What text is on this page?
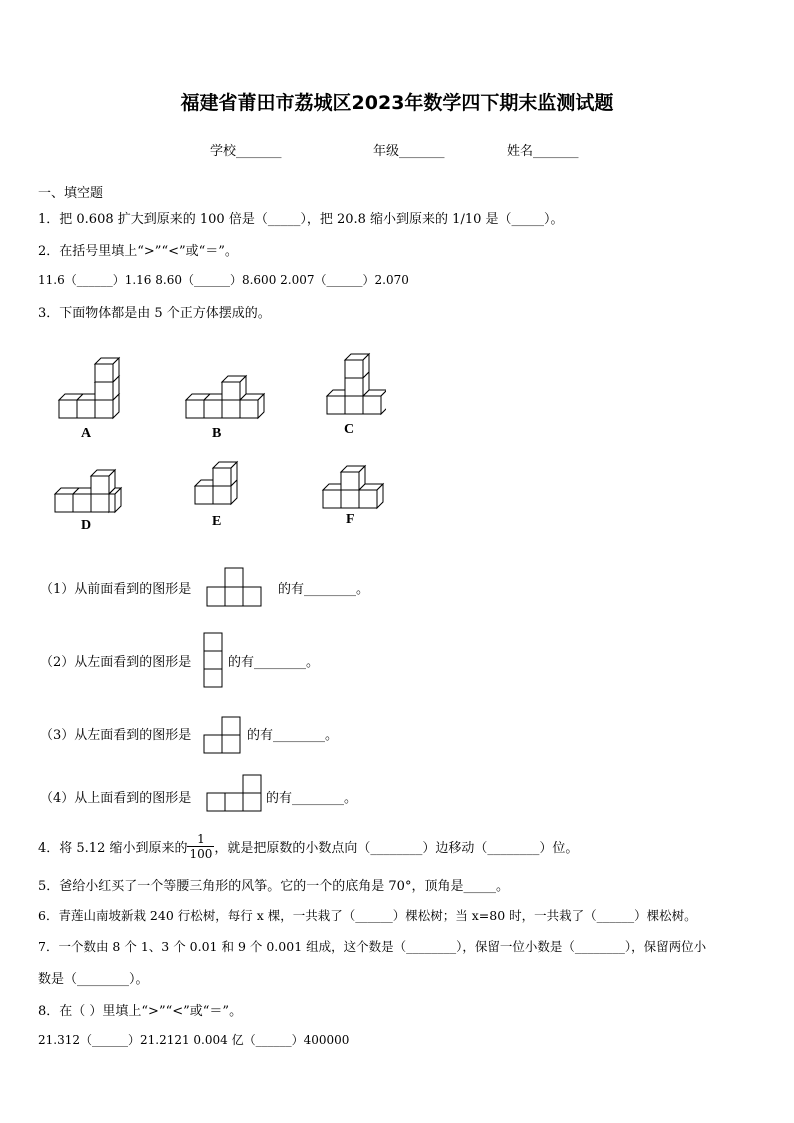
福建省莆田市荔城区2023年数学四下期末监测试题
学校_______	年级_______	姓名_______
一、填空题
1．把 0.608 扩大到原来的 100 倍是（_____），把 20.8 缩小到原来的 1/10 是（_____）。
2．在括号里填上“>”“<”或“＝”。
11.6（______）1.16 8.60（______）8.600 2.007（______）2.070
3．下面物体都是由 5 个正方体摆成的。
A	B	C
D	E	F
（1）从前面看到的图形是	的有________。
（2）从左面看到的图形是	的有________。
（3）从左面看到的图形是	的有________。
（4）从上面看到的图形是	的有________。
4．将 5.12 缩小到原来的 $\frac{1}{100}$ ，就是把原数的小数点向（________）边移动（________）位。
5．爸给小红买了一个等腰三角形的风筝。它的一个的底角是 70°，顶角是_____。
6．青莲山南坡新栽 240 行松树，每行 x 棵，一共栽了（______）棵松树；当 x=80 时，一共栽了（______）棵松树。
7．一个数由 8 个 1、3 个 0.01 和 9 个 0.001 组成，这个数是（________），保留一位小数是（________），保留两位小
数是（________）。
8．在（ ）里填上“>”“<”或“＝”。
21.312（______）21.2121 0.004 亿（______）400000
